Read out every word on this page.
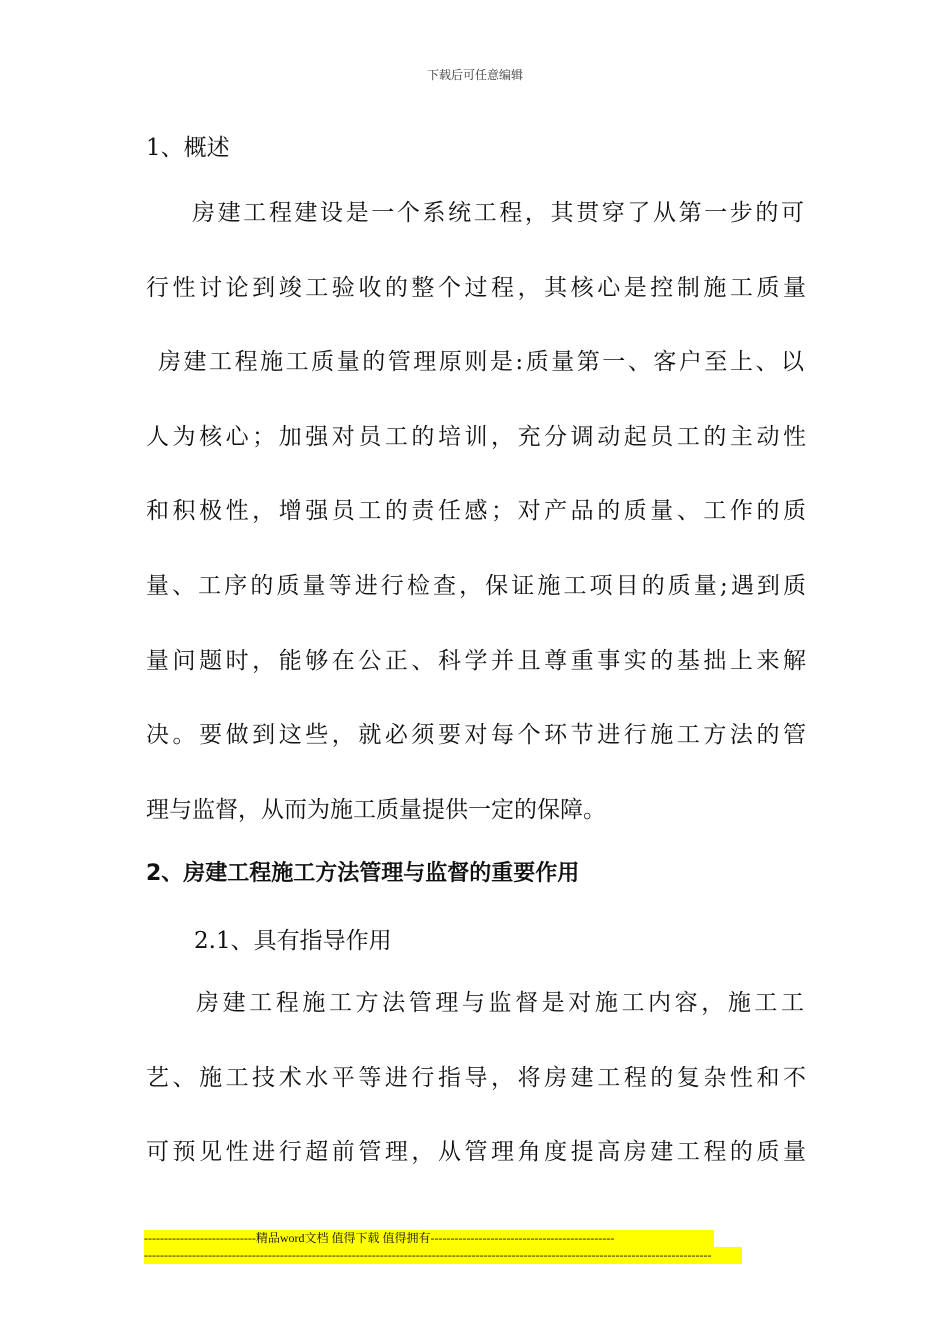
下载后可任意编辑
1、概述
房建工程建设是一个系统工程，其贯穿了从第一步的可
行性讨论到竣工验收的整个过程，其核心是控制施工质量
房建工程施工质量的管理原则是:质量第一、客户至上、以
人为核心；加强对员工的培训，充分调动起员工的主动性
和积极性，增强员工的责任感；对产品的质量、工作的质
量、工序的质量等进行检查，保证施工项目的质量;遇到质
量问题时，能够在公正、科学并且尊重事实的基拙上来解
决。要做到这些，就必须要对每个环节进行施工方法的管
理与监督，从而为施工质量提供一定的保障。
2、房建工程施工方法管理与监督的重要作用
2.1、具有指导作用
房建工程施工方法管理与监督是对施工内容，施工工
艺、施工技术水平等进行指导，将房建工程的复杂性和不
可预见性进行超前管理，从管理角度提高房建工程的质量
----------------------------精品word文档 值得下载 值得拥有----------------------------------------------
----------------------------------------------------------------------------------------------------------------------------------------------
